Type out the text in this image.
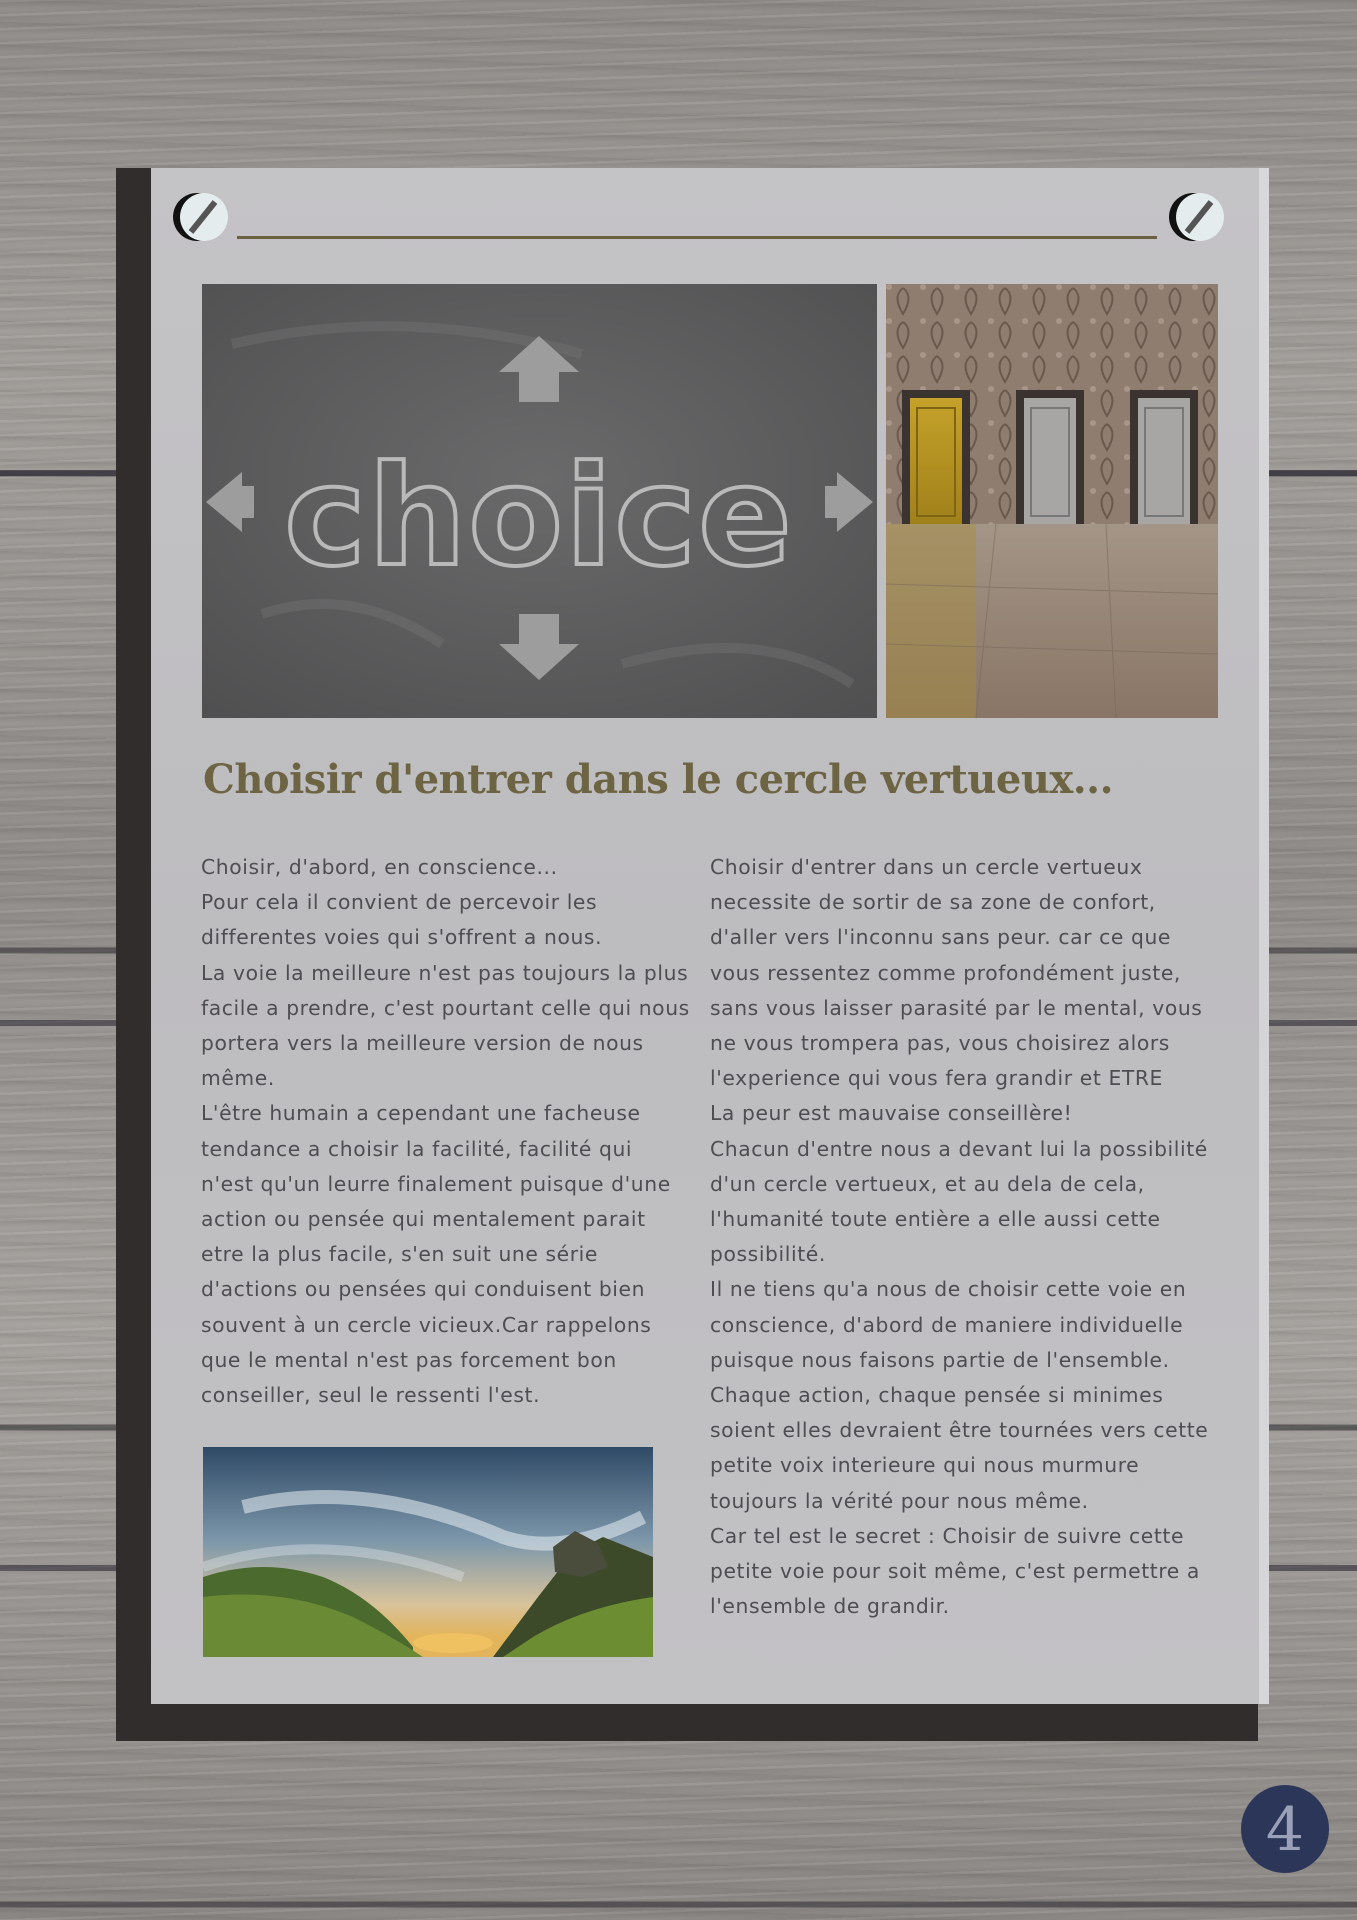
choice
Choisir d'entrer dans le cercle vertueux...

Choisir, d'abord, en conscience...
Pour cela il convient de percevoir les differentes voies qui s'offrent a nous.
La voie la meilleure n'est pas toujours la plus facile a prendre, c'est pourtant celle qui nous portera vers la meilleure version de nous même.
L'être humain a cependant une facheuse tendance a choisir la facilité, facilité qui n'est qu'un leurre finalement puisque d'une action ou pensée qui mentalement parait etre la plus facile, s'en suit une série d'actions ou pensées qui conduisent bien souvent à un cercle vicieux.Car rappelons que le mental n'est pas forcement bon conseiller, seul le ressenti l'est.

Choisir d'entrer dans un cercle vertueux necessite de sortir de sa zone de confort, d'aller vers l'inconnu sans peur. car ce que vous ressentez comme profondément juste, sans vous laisser parasité par le mental, vous ne vous trompera pas, vous choisirez alors l'experience qui vous fera grandir et ETRE
La peur est mauvaise conseillère!
Chacun d'entre nous a devant lui la possibilité d'un cercle vertueux, et au dela de cela, l'humanité toute entière a elle aussi cette possibilité.
Il ne tiens qu'a nous de choisir cette voie en conscience, d'abord de maniere individuelle puisque nous faisons partie de l'ensemble.
Chaque action, chaque pensée si minimes soient elles devraient être tournées vers cette petite voix interieure qui nous murmure toujours la vérité pour nous même.
Car tel est le secret : Choisir de suivre cette petite voie pour soit même, c'est permettre a l'ensemble de grandir.

4
